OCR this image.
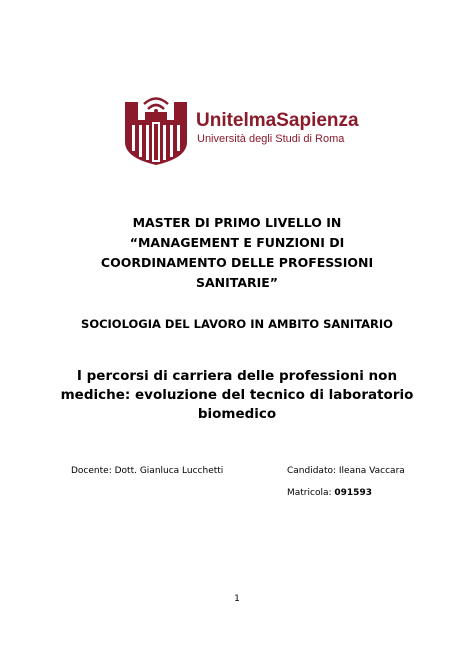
UnitelmaSapienza
Università degli Studi di Roma
MASTER DI PRIMO LIVELLO IN
“MANAGEMENT E FUNZIONI DI
COORDINAMENTO DELLE PROFESSIONI
SANITARIE”
SOCIOLOGIA DEL LAVORO IN AMBITO SANITARIO
I percorsi di carriera delle professioni non
mediche: evoluzione del tecnico di laboratorio
biomedico
Docente: Dott. Gianluca Lucchetti	Candidato: Ileana Vaccara
Matricola: 091593
1
